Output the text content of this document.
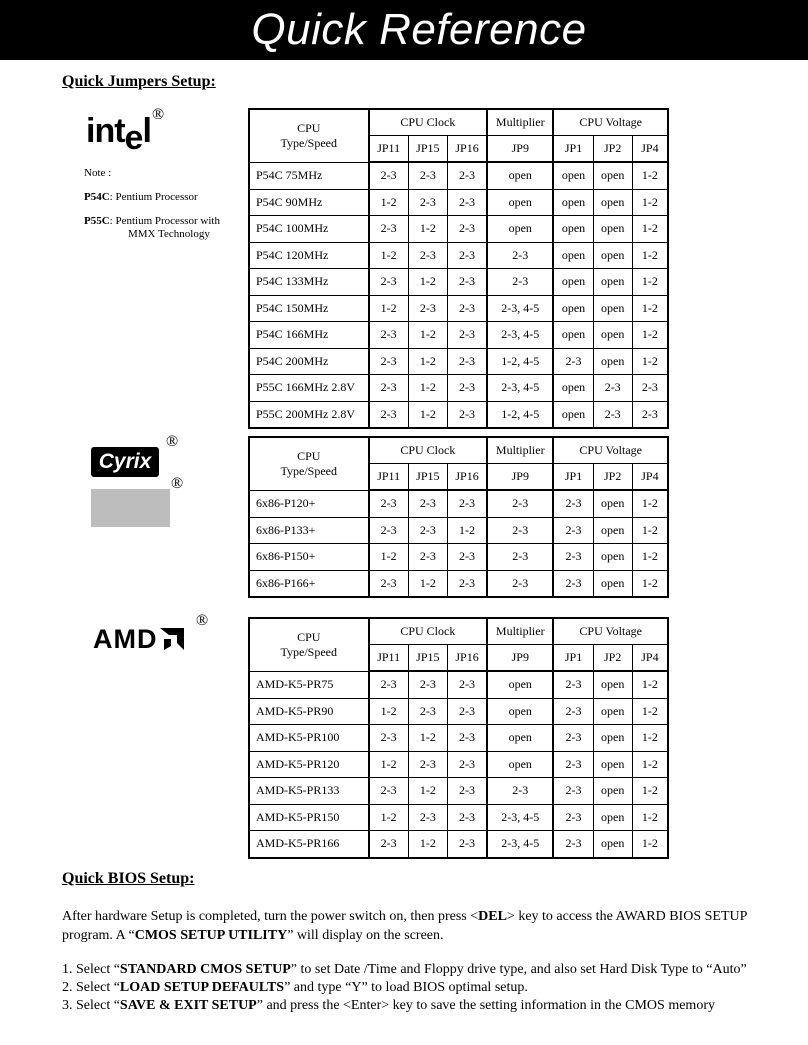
Quick Reference
Quick Jumpers Setup:
intel ®

Note :

P54C: Pentium Processor

P55C: Pentium Processor with MMX Technology

Cyrix
®
®
AMD
®
CPU
Type/Speed	CPU Clock			Multiplier	CPU Voltage		
	JP11	JP15	JP16	JP9	JP1	JP2	JP4
P54C 75MHz	2-3	2-3	2-3	open	open	open	1-2
P54C 90MHz	1-2	2-3	2-3	open	open	open	1-2
P54C 100MHz	2-3	1-2	2-3	open	open	open	1-2
P54C 120MHz	1-2	2-3	2-3	2-3	open	open	1-2
P54C 133MHz	2-3	1-2	2-3	2-3	open	open	1-2
P54C 150MHz	1-2	2-3	2-3	2-3, 4-5	open	open	1-2
P54C 166MHz	2-3	1-2	2-3	2-3, 4-5	open	open	1-2
P54C 200MHz	2-3	1-2	2-3	1-2, 4-5	2-3	open	1-2
P55C 166MHz 2.8V	2-3	1-2	2-3	2-3, 4-5	open	2-3	2-3
P55C 200MHz 2.8V	2-3	1-2	2-3	1-2, 4-5	open	2-3	2-3
CPU
Type/Speed	CPU Clock			Multiplier	CPU Voltage		
	JP11	JP15	JP16	JP9	JP1	JP2	JP4
6x86-P120+	2-3	2-3	2-3	2-3	2-3	open	1-2
6x86-P133+	2-3	2-3	1-2	2-3	2-3	open	1-2
6x86-P150+	1-2	2-3	2-3	2-3	2-3	open	1-2
6x86-P166+	2-3	1-2	2-3	2-3	2-3	open	1-2
CPU
Type/Speed	CPU Clock			Multiplier	CPU Voltage		
	JP11	JP15	JP16	JP9	JP1	JP2	JP4
AMD-K5-PR75	2-3	2-3	2-3	open	2-3	open	1-2
AMD-K5-PR90	1-2	2-3	2-3	open	2-3	open	1-2
AMD-K5-PR100	2-3	1-2	2-3	open	2-3	open	1-2
AMD-K5-PR120	1-2	2-3	2-3	open	2-3	open	1-2
AMD-K5-PR133	2-3	1-2	2-3	2-3	2-3	open	1-2
AMD-K5-PR150	1-2	2-3	2-3	2-3, 4-5	2-3	open	1-2
AMD-K5-PR166	2-3	1-2	2-3	2-3, 4-5	2-3	open	1-2
Quick BIOS Setup:
After hardware Setup is completed, turn the power switch on, then press <DEL> key to access the AWARD BIOS SETUP program. A “CMOS SETUP UTILITY” will display on the screen.
1. Select “STANDARD CMOS SETUP” to set Date /Time and Floppy drive type, and also set Hard Disk Type to “Auto”
2. Select “LOAD SETUP DEFAULTS” and type “Y” to load BIOS optimal setup.
3. Select “SAVE & EXIT SETUP” and press the <Enter> key to save the setting information in the CMOS memory
